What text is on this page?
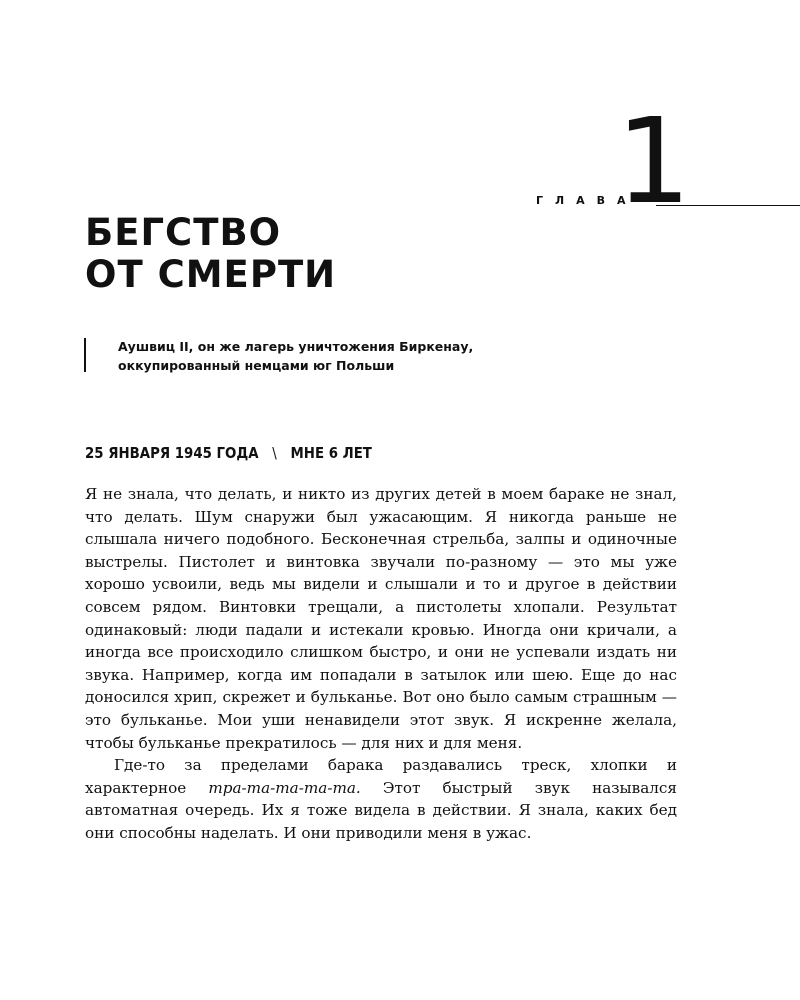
ГЛАВА
1
БЕГСТВО
ОТ СМЕРТИ
Аушвиц II, он же лагерь уничтожения Биркенау,
оккупированный немцами юг Польши
25 ЯНВАРЯ 1945 ГОДА \ МНЕ 6 ЛЕТ

Я не знала, что делать, и никто из других детей в моем бараке не знал, что делать. Шум снаружи был ужасающим. Я никогда раньше не слышала ничего подобного. Бесконечная стрельба, залпы и одиночные выстрелы. Пистолет и винтовка звучали по-разному — это мы уже хорошо усвоили, ведь мы видели и слышали и то и другое в действии совсем рядом. Винтовки трещали, а пистолеты хлопали. Результат одинаковый: люди падали и истекали кровью. Иногда они кричали, а иногда все происходило слишком быстро, и они не успевали издать ни звука. Например, когда им попадали в затылок или шею. Еще до нас доносился хрип, скрежет и бульканье. Вот оно было самым страшным — это бульканье. Мои уши ненавидели этот звук. Я искренне желала, чтобы бульканье прекратилось — для них и для меня.

Где-то за пределами барака раздавались треск, хлопки и характерное тра-та-та-та-та. Этот быстрый звук назывался автоматная очередь. Их я тоже видела в действии. Я знала, каких бед они способны наделать. И они приводили меня в ужас.
